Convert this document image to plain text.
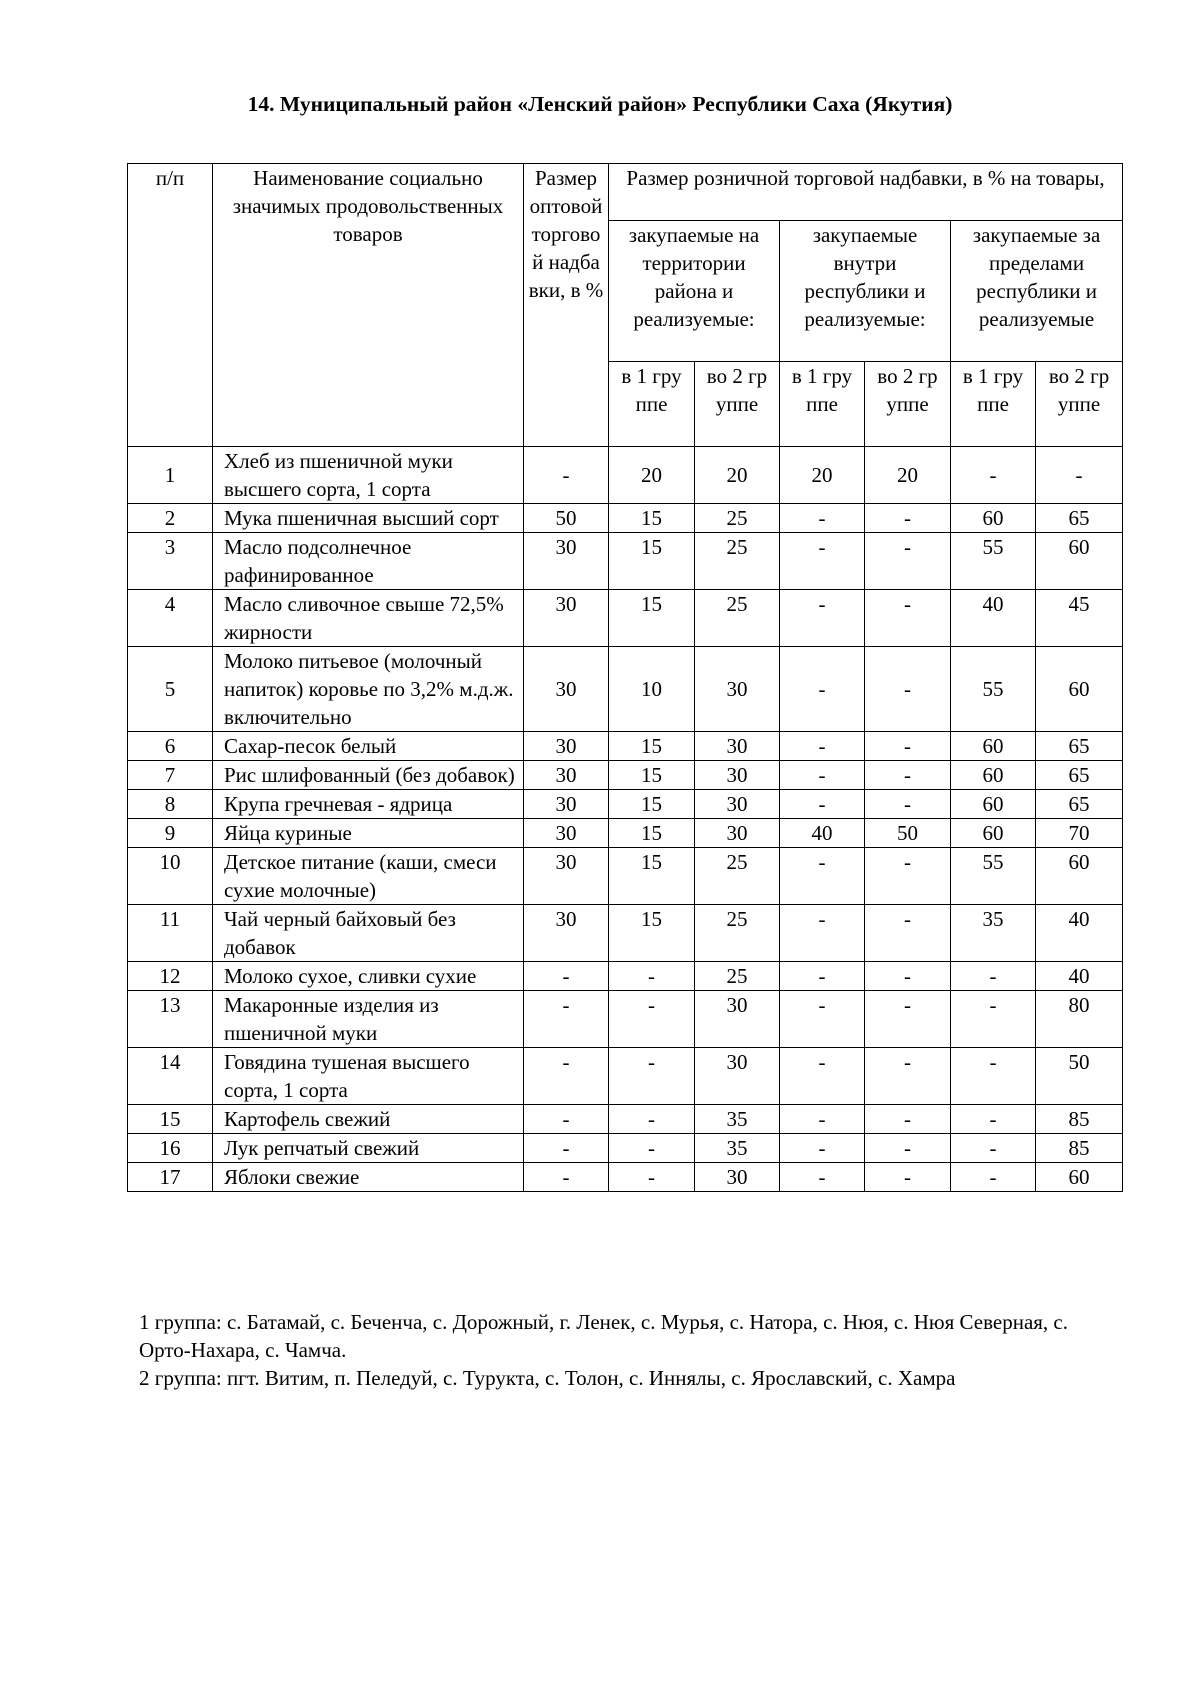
14. Муниципальный район «Ленский район» Республики Саха (Якутия)
п/п	Наименование социально значимых продовольственных товаров	Размер оптовой торговой надбавки, в %	Размер розничной торговой надбавки, в % на товары,					
			закупаемые на территории района и реализуемые:		закупаемые внутри республики и реализуемые:		закупаемые за пределами республики и реализуемые	
			в 1 группе	во 2 группе	в 1 группе	во 2 группе	в 1 группе	во 2 группе
1	Хлеб из пшеничной муки высшего сорта, 1 сорта	-	20	20	20	20	-	-
2	Мука пшеничная высший сорт	50	15	25	-	-	60	65
3	Масло подсолнечное рафинированное	30	15	25	-	-	55	60
4	Масло сливочное свыше 72,5% жирности	30	15	25	-	-	40	45
5	Молоко питьевое (молочный напиток) коровье по 3,2% м.д.ж. включительно	30	10	30	-	-	55	60
6	Сахар-песок белый	30	15	30	-	-	60	65
7	Рис шлифованный (без добавок)	30	15	30	-	-	60	65
8	Крупа гречневая - ядрица	30	15	30	-	-	60	65
9	Яйца куриные	30	15	30	40	50	60	70
10	Детское питание (каши, смеси сухие молочные)	30	15	25	-	-	55	60
11	Чай черный байховый без добавок	30	15	25	-	-	35	40
12	Молоко сухое, сливки сухие	-	-	25	-	-	-	40
13	Макаронные изделия из пшеничной муки	-	-	30	-	-	-	80
14	Говядина тушеная высшего сорта, 1 сорта	-	-	30	-	-	-	50
15	Картофель свежий	-	-	35	-	-	-	85
16	Лук репчатый свежий	-	-	35	-	-	-	85
17	Яблоки свежие	-	-	30	-	-	-	60

1 группа: с. Батамай, с. Беченча, с. Дорожный, г. Ленек, с. Мурья, с. Натора, с. Нюя, с. Нюя Северная, с. Орто-Нахара, с. Чамча.

2 группа: пгт. Витим, п. Пеледуй, с. Турукта, с. Толон, с. Иннялы, с. Ярославский, с. Хамра
